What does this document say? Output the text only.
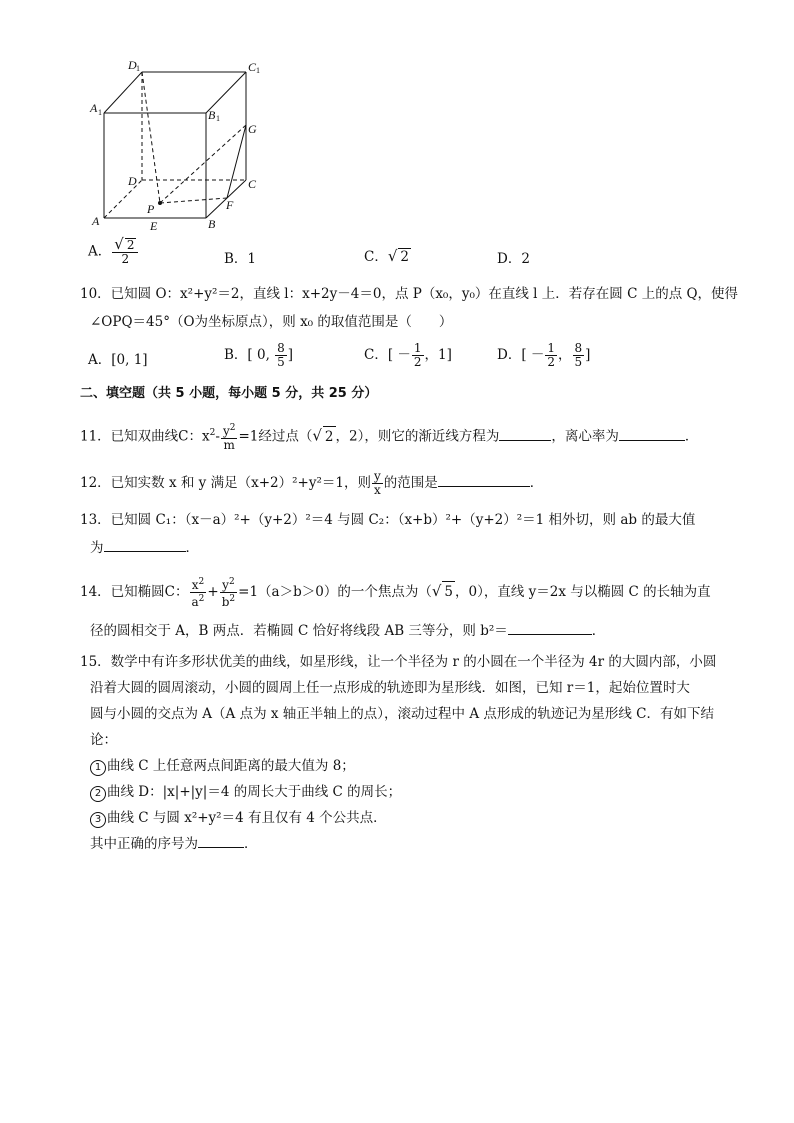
D 1	C 1
A 1	B 1
G
D	C
P	F
A	E	B
A． $\frac{√ 2}{2}$	B．1	C．√ 2	D．2
10．已知圆 O：x²+y²＝2，直线 l：x+2y－4＝0，点 P（x₀，y₀）在直线 l 上．若存在圆 C 上的点 Q，使得
∠OPQ＝45°（O为坐标原点），则 x₀ 的取值范围是（　　）
A．[0, 1]	B．[ 0, $\frac{8}{5}$ ]	C．[ － $\frac{1}{2}$ ，1]	D．[ － $\frac{1}{2}$ ， $\frac{8}{5}$ ]
二、填空题（共 5 小题，每小题 5 分，共 25 分）
11．已知双曲线C：$x^2- \frac{y^2}{m} =1$经过点（√ 2 ，2），则它的渐近线方程为	，离心率为	．
12．已知实数 x 和 y 满足（x+2）²+y²＝1，则 $\frac{y}{x}$ 的范围是	．
13．已知圆 C₁：（x－a）²+（y+2）²＝4 与圆 C₂：（x+b）²+（y+2）²＝1 相外切，则 ab 的最大值
为	．
14．已知椭圆C： $\frac{x^2}{a^2} + \frac{y^2}{b^2} =1(a>b>0)$的一个焦点为（√ 5 ，0），直线 y＝2x 与以椭圆 C 的长轴为直
径的圆相交于 A，B 两点．若椭圆 C 恰好将线段 AB 三等分，则 b²＝	．
15．数学中有许多形状优美的曲线，如星形线，让一个半径为 r 的小圆在一个半径为 4r 的大圆内部，小圆
沿着大圆的圆周滚动，小圆的圆周上任一点形成的轨迹即为星形线．如图，已知 r＝1，起始位置时大
圆与小圆的交点为 A（A 点为 x 轴正半轴上的点），滚动过程中 A 点形成的轨迹记为星形线 C．有如下结
论：
1 曲线 C 上任意两点间距离的最大值为 8；
2 曲线 D：|x|+|y|＝4 的周长大于曲线 C 的周长；
3 曲线 C 与圆 x²+y²＝4 有且仅有 4 个公共点．
其中正确的序号为	．
